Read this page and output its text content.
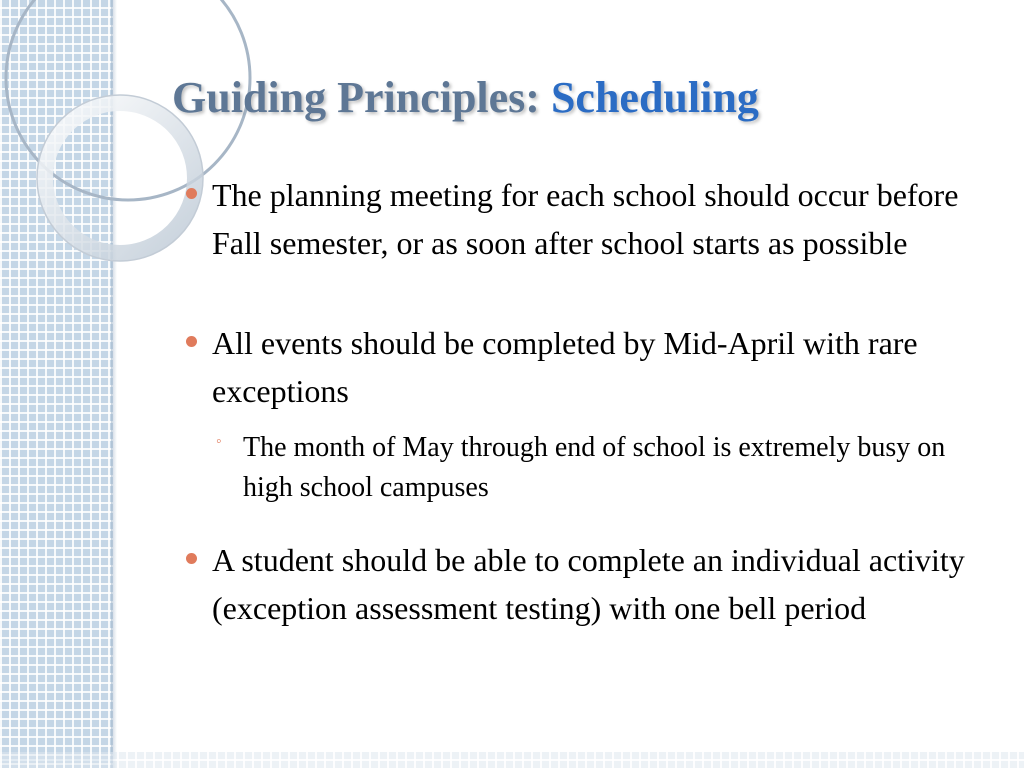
Guiding Principles: Scheduling
The planning meeting for each school should occur before Fall semester, or as soon after school starts as possible
All events should be completed by Mid-April with rare exceptions
◦ The month of May through end of school is extremely busy on high school campuses
A student should be able to complete an individual activity (exception assessment testing) with one bell period
